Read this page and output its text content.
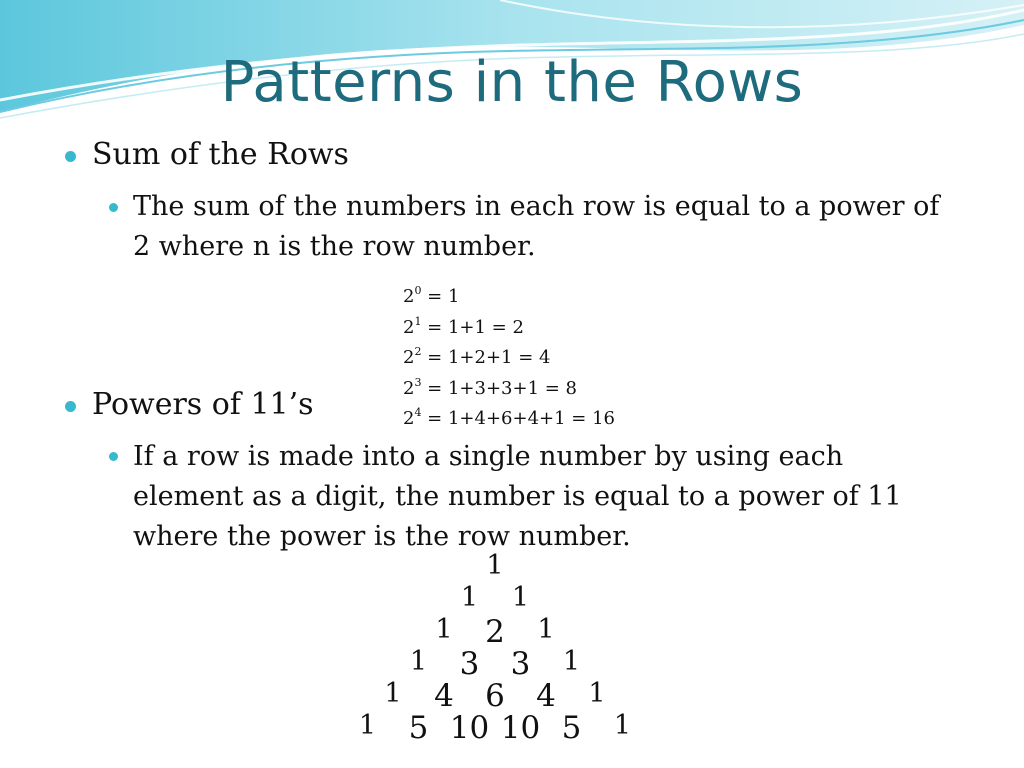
Patterns in the Rows
Sum of the Rows
The sum of the numbers in each row is equal to a power of 2 where n is the row number.
$2^0 = 1$
$2^1 = 1+1 = 2$
$2^2 = 1+2+1 = 4$
$2^3 = 1+3+3+1 = 8$
$2^4 = 1+4+6+4+1 = 16$
Powers of 11’s
If a row is made into a single number by using each element as a digit, the number is equal to a power of 11 where the power is the row number.
1
1 1
1 2 1
1 3 3 1
1 4 6 4 1
1 5 10 10 5 1
